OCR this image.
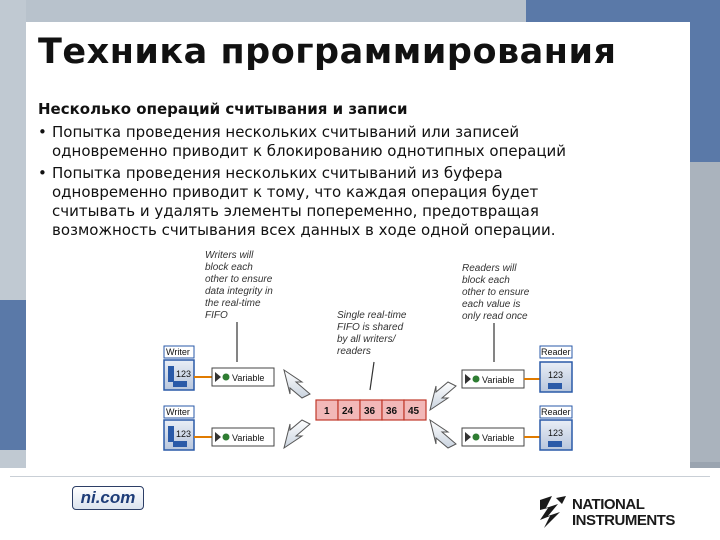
Техника программирования
Несколько операций считывания и записи
• Попытка проведения нескольких считываний или записей
одновременно приводит к блокированию однотипных операций
• Попытка проведения нескольких считываний из буфера
одновременно приводит к тому, что каждая операция будет
считывать и удалять элементы попеременно, предотвращая
возможность считывания всех данных в ходе одной операции.
Writers will
block each
other to ensure
data integrity in
the real-time
FIFO	Single real-time
FIFO is shared
by all writers/
readers
Readers will
block each
other to ensure
each value is
only read once
Writer
123	Variable
Writer
123	Variable
1 24 36 36 45
Variable
Reader
123
Variable
Reader
123
ni.com	NATIONAL
INSTRUMENTS
